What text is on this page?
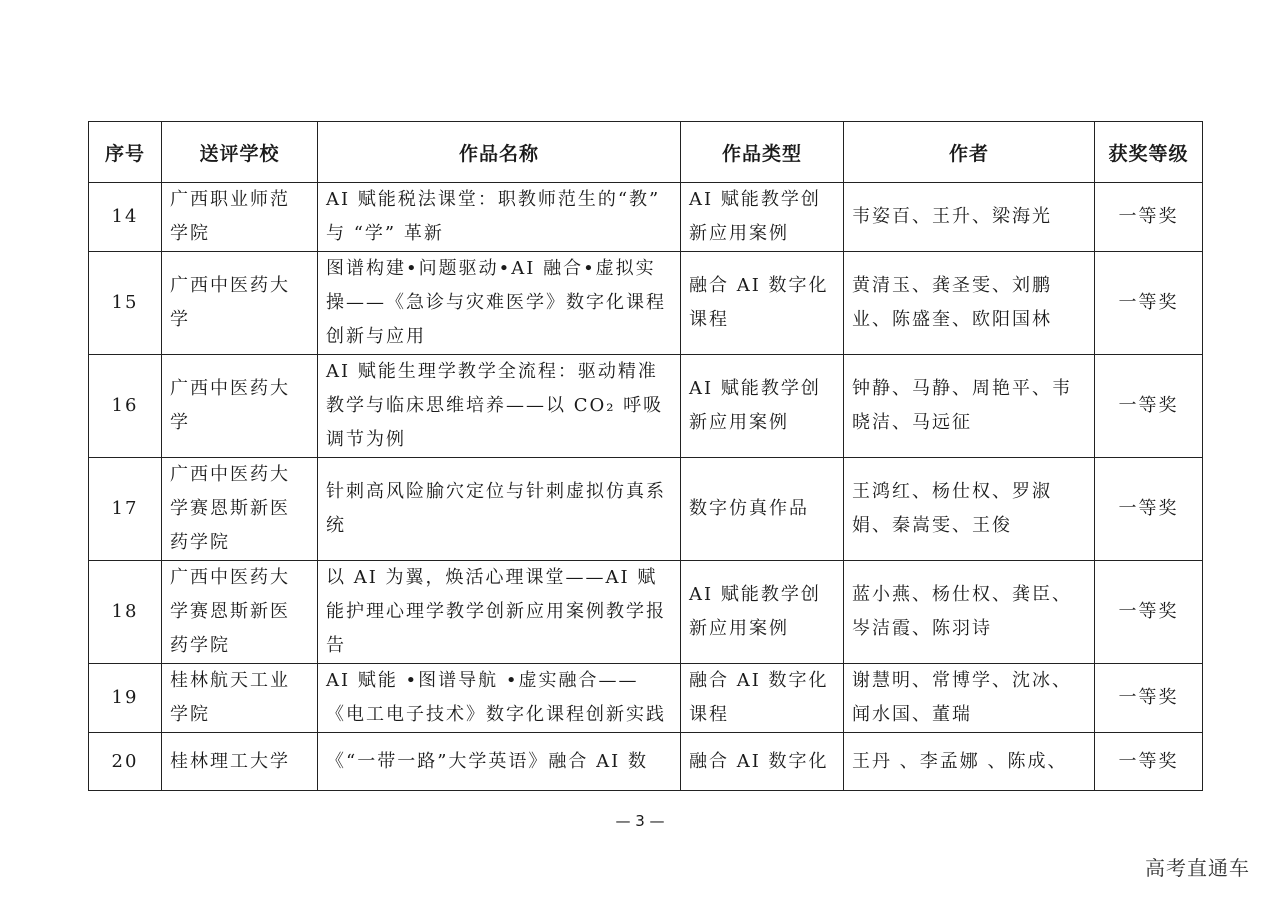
序号	送评学校	作品名称	作品类型	作者	获奖等级
14	广西职业师范学院	AI 赋能税法课堂：职教师范生的“教” 与 “学” 革新	AI 赋能教学创新应用案例	韦姿百、王升、梁海光	一等奖
15	广西中医药大学	图谱构建•问题驱动•AI 融合•虚拟实操——《急诊与灾难医学》数字化课程创新与应用	融合 AI 数字化课程	黄清玉、龚圣雯、刘鹏业、陈盛奎、欧阳国林	一等奖
16	广西中医药大学	AI 赋能生理学教学全流程：驱动精准教学与临床思维培养——以 CO₂ 呼吸调节为例	AI 赋能教学创新应用案例	钟静、马静、周艳平、韦晓洁、马远征	一等奖
17	广西中医药大学赛恩斯新医药学院	针刺高风险腧穴定位与针刺虚拟仿真系统	数字仿真作品	王鸿红、杨仕权、罗淑娟、秦嵩雯、王俊	一等奖
18	广西中医药大学赛恩斯新医药学院	以 AI 为翼，焕活心理课堂——AI 赋能护理心理学教学创新应用案例教学报告	AI 赋能教学创新应用案例	蓝小燕、杨仕权、龚臣、岑洁霞、陈羽诗	一等奖
19	桂林航天工业学院	AI 赋能 •图谱导航 •虚实融合——《电工电子技术》数字化课程创新实践	融合 AI 数字化课程	谢慧明、常博学、沈冰、闻水国、董瑞	一等奖
20	桂林理工大学	《“一带一路”大学英语》融合 AI 数	融合 AI 数字化	王丹 、李孟娜 、陈成、	一等奖
— 3 —
高考直通车
